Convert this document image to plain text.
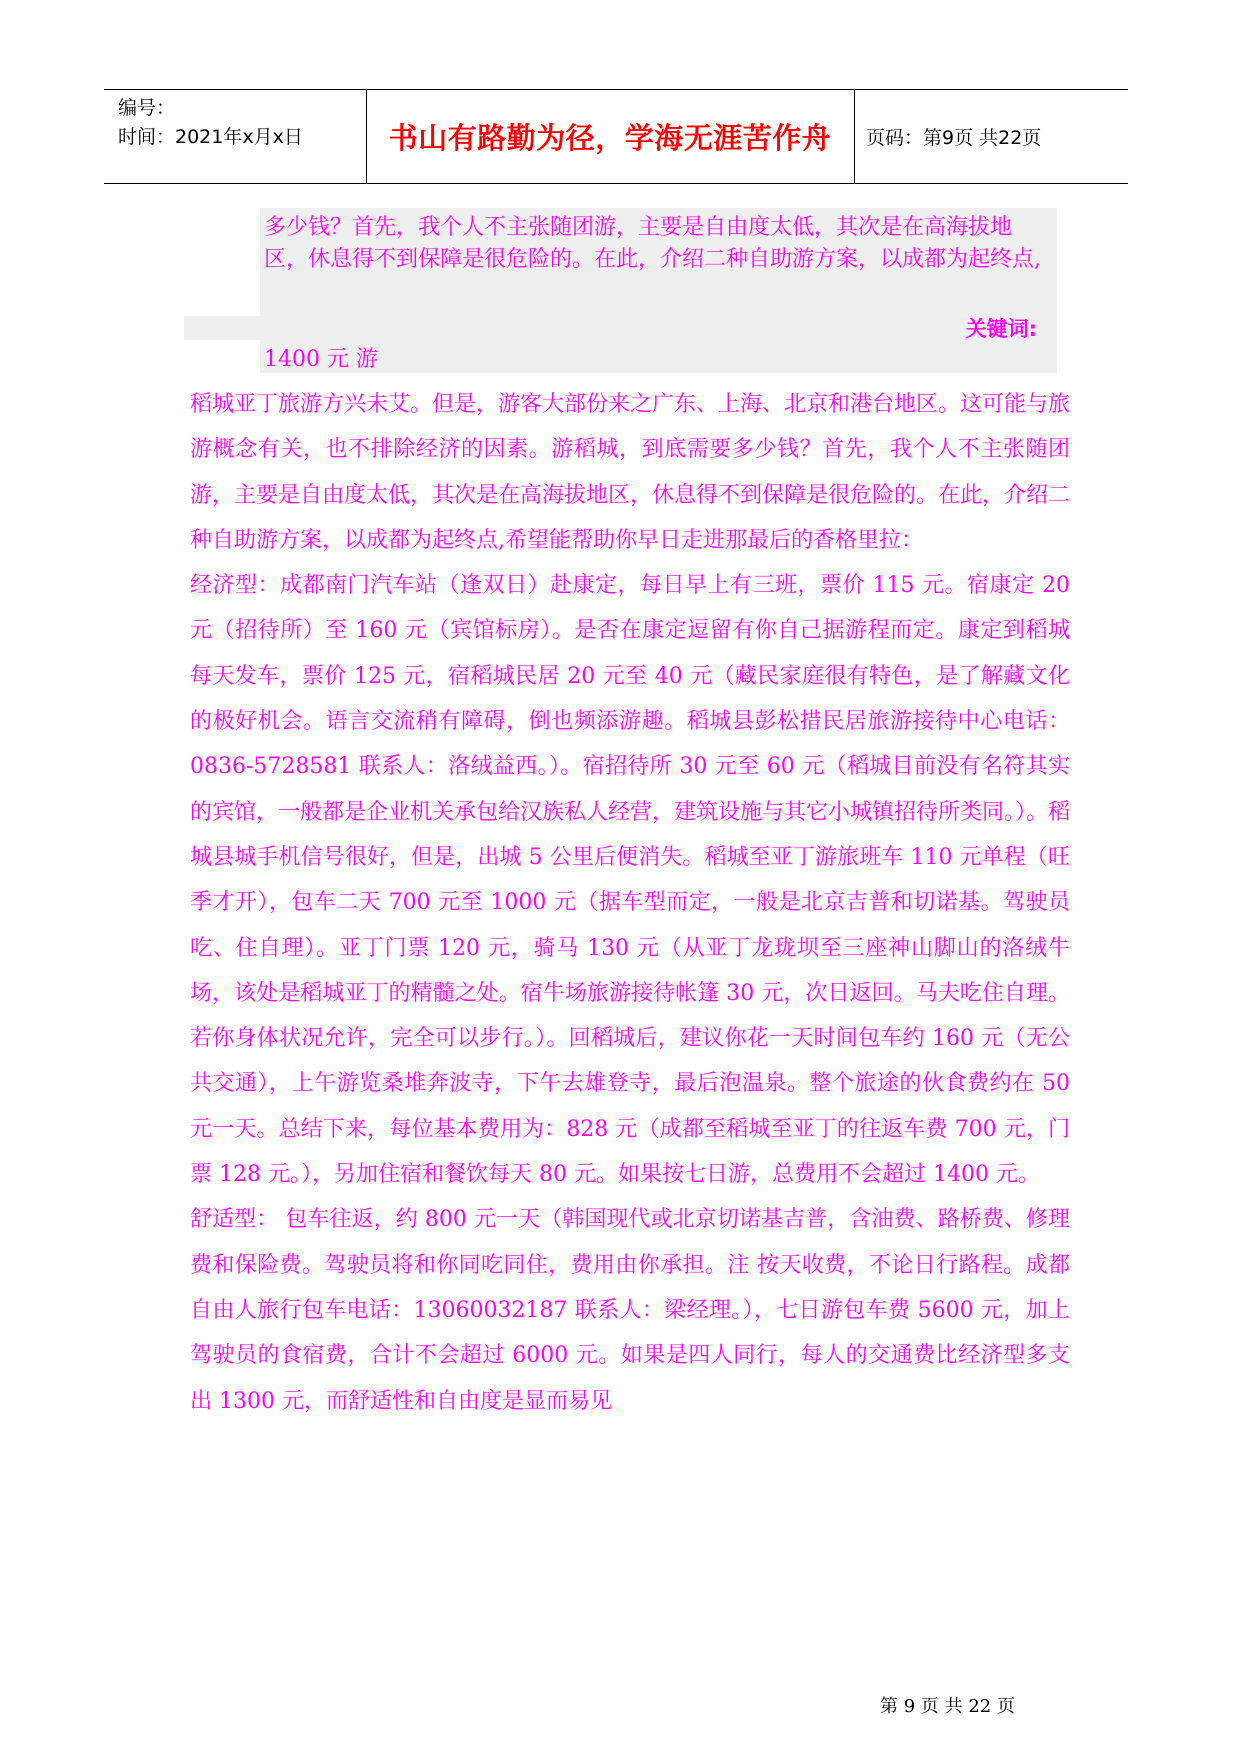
编号：
时间：2021年x月x日	书山有路勤为径，学海无涯苦作舟	页码：第9页 共22页
多少钱？首先，我个人不主张随团游，主要是自由度太低，其次是在高海拔地区，休息得不到保障是很危险的。在此，介绍二种自助游方案，以成都为起终点,
关键词:
1400 元 游

稻城亚丁旅游方兴未艾。但是，游客大部份来之广东、上海、北京和港台地区。这可能与旅游概念有关，也不排除经济的因素。游稻城，到底需要多少钱？首先，我个人不主张随团游，主要是自由度太低，其次是在高海拔地区，休息得不到保障是很危险的。在此，介绍二种自助游方案，以成都为起终点,希望能帮助你早日走进那最后的香格里拉：

经济型：成都南门汽车站（逢双日）赴康定，每日早上有三班，票价 115 元。宿康定 20 元（招待所）至 160 元（宾馆标房）。是否在康定逗留有你自己据游程而定。康定到稻城每天发车，票价 125 元，宿稻城民居 20 元至 40 元（藏民家庭很有特色，是了解藏文化的极好机会。语言交流稍有障碍，倒也频添游趣。稻城县彭松措民居旅游接待中心电话：0836-5728581 联系人：洛绒益西。）。宿招待所 30 元至 60 元（稻城目前没有名符其实的宾馆，一般都是企业机关承包给汉族私人经营，建筑设施与其它小城镇招待所类同。）。稻城县城手机信号很好，但是，出城 5 公里后便消失。稻城至亚丁游旅班车 110 元单程（旺季才开），包车二天 700 元至 1000 元（据车型而定，一般是北京吉普和切诺基。驾驶员吃、住自理）。亚丁门票 120 元，骑马 130 元（从亚丁龙珑坝至三座神山脚山的洛绒牛场，该处是稻城亚丁的精髓之处。宿牛场旅游接待帐篷 30 元，次日返回。马夫吃住自理。若你身体状况允许，完全可以步行。）。回稻城后，建议你花一天时间包车约 160 元（无公共交通），上午游览桑堆奔波寺，下午去雄登寺，最后泡温泉。整个旅途的伙食费约在 50 元一天。总结下来，每位基本费用为：828 元（成都至稻城至亚丁的往返车费 700 元，门票 128 元。），另加住宿和餐饮每天 80 元。如果按七日游，总费用不会超过 1400 元。

舒适型： 包车往返，约 800 元一天（韩国现代或北京切诺基吉普，含油费、路桥费、修理费和保险费。驾驶员将和你同吃同住，费用由你承担。注 按天收费，不论日行路程。成都自由人旅行包车电话：13060032187 联系人：梁经理。），七日游包车费 5600 元，加上驾驶员的食宿费，合计不会超过 6000 元。如果是四人同行，每人的交通费比经济型多支出 1300 元，而舒适性和自由度是显而易见

第 9 页 共 22 页
